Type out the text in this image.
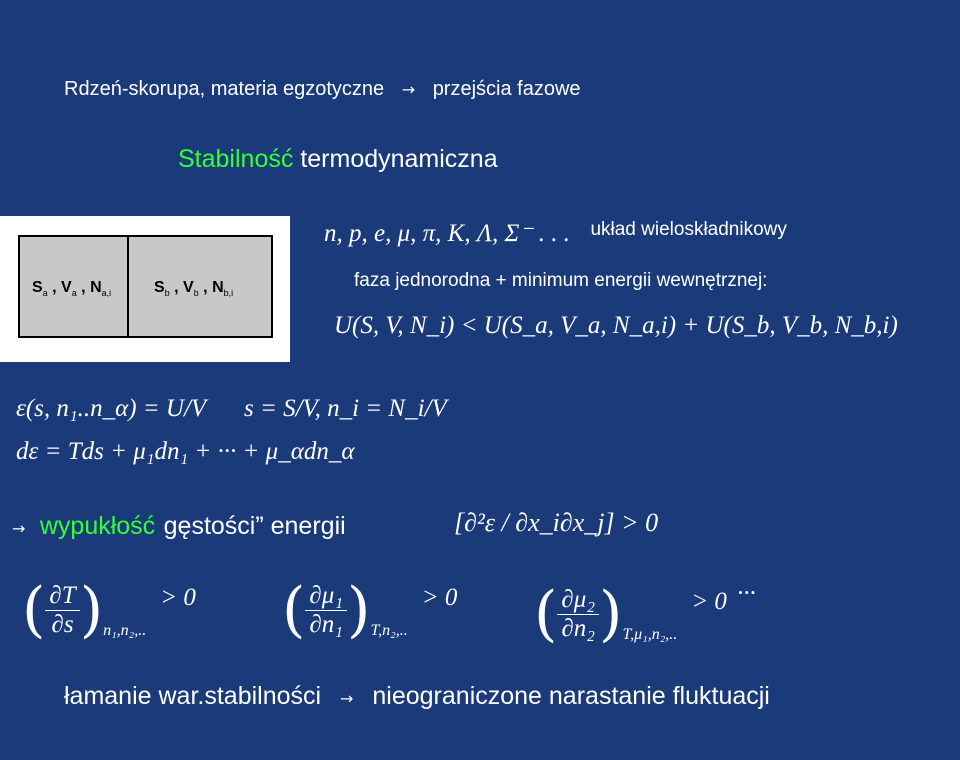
Rdzeń-skorupa, materia egzotyczne → przejścia fazowe
Stabilność termodynamiczna
$S_a$ , $V_a$ , $N_{a,i}$	$S_b$ , $V_b$ , $N_{b,i}$
n, p, e, μ, π, K, Λ, Σ⁻ . . . układ wieloskładnikowy
faza jednorodna + minimum energii wewnętrznej:
U(S, V, N_i) < U(S_a, V_a, N_a,i) + U(S_b, V_b, N_b,i)
ε(s, n₁..n_α) = U/V s = S/V, n_i = N_i/V
dε = Tds + μ₁dn₁ + ··· + μ_αdn_α
→ wypukłość gęstości” energii	[∂²ε / ∂x_i∂x_j] > 0
( $\frac{\partial T}{\partial s}$ ) n₁,n₂,..
> 0 ( $\frac{\text{∂μ₁}}{\text{∂n₁}}$ ) T,n₂,..
> 0 ( $\frac{\text{∂μ₂}}{\text{∂n₂}}$ ) T,μ₁,n₂,..
> 0 ···
łamanie war.stabilności → nieograniczone narastanie fluktuacji
